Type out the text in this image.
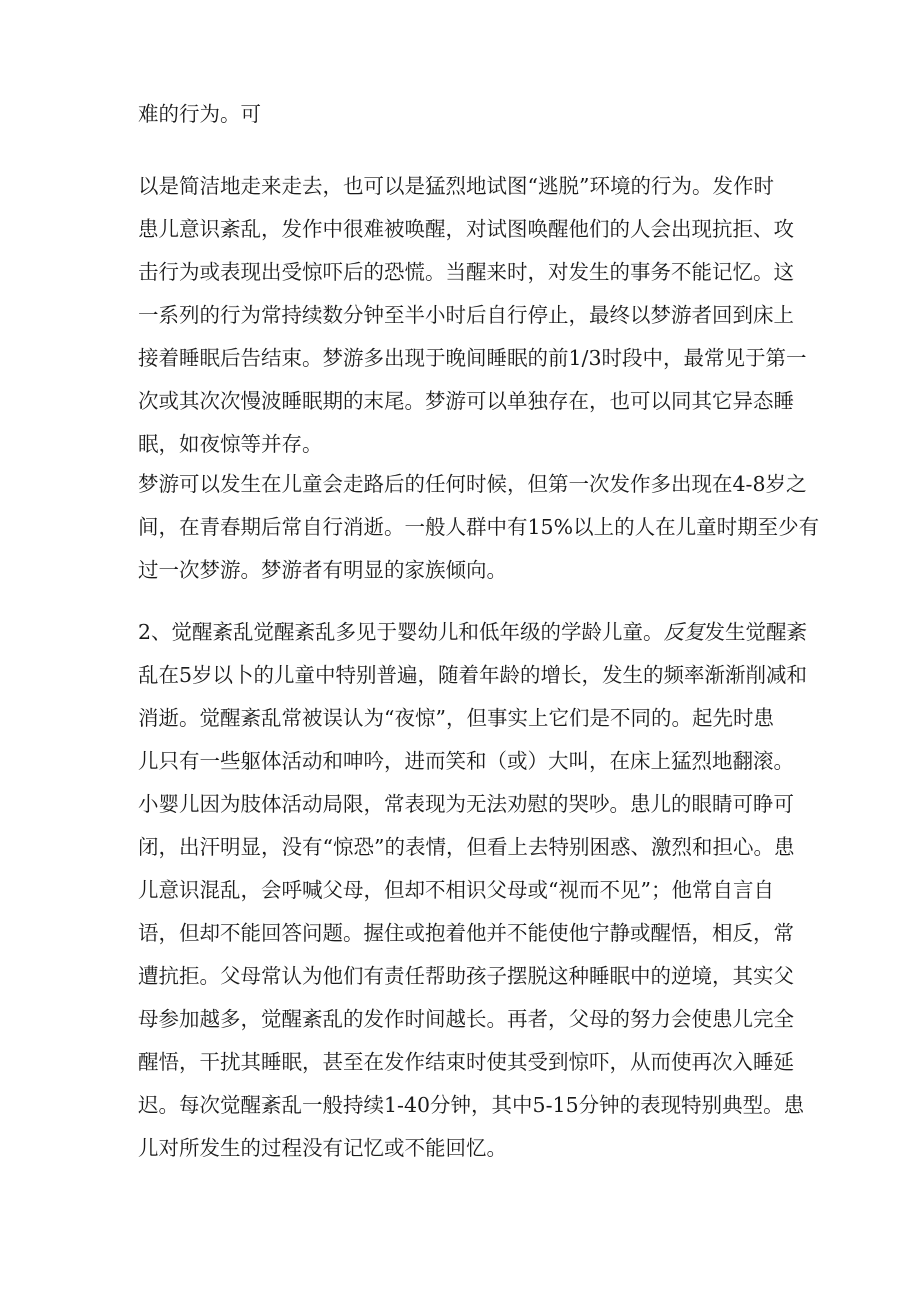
难的行为。可

以是简洁地走来走去，也可以是猛烈地试图“逃脱”环境的行为。发作时

患儿意识紊乱，发作中很难被唤醒，对试图唤醒他们的人会出现抗拒、攻

击行为或表现出受惊吓后的恐慌。当醒来时，对发生的事务不能记忆。这

一系列的行为常持续数分钟至半小时后自行停止，最终以梦游者回到床上

接着睡眠后告结束。梦游多出现于晚间睡眠的前1/3时段中，最常见于第一

次或其次次慢波睡眠期的末尾。梦游可以单独存在，也可以同其它异态睡

眠，如夜惊等并存。

梦游可以发生在儿童会走路后的任何时候，但第一次发作多出现在4-8岁之

间，在青春期后常自行消逝。一般人群中有15%以上的人在儿童时期至少有

过一次梦游。梦游者有明显的家族倾向。

2、觉醒紊乱觉醒紊乱多见于婴幼儿和低年级的学龄儿童。反复发生觉醒紊

乱在5岁以卜的儿童中特别普遍，随着年龄的增长，发生的频率渐渐削减和

消逝。觉醒紊乱常被误认为“夜惊”，但事实上它们是不同的。起先时患

儿只有一些躯体活动和呻吟，进而笑和（或）大叫，在床上猛烈地翻滚。

小婴儿因为肢体活动局限，常表现为无法劝慰的哭吵。患儿的眼睛可睁可

闭，出汗明显，没有“惊恐”的表情，但看上去特别困惑、激烈和担心。患

儿意识混乱，会呼喊父母，但却不相识父母或“视而不见”；他常自言自

语，但却不能回答问题。握住或抱着他并不能使他宁静或醒悟，相反，常

遭抗拒。父母常认为他们有责任帮助孩子摆脱这种睡眠中的逆境，其实父

母参加越多，觉醒紊乱的发作时间越长。再者，父母的努力会使患儿完全

醒悟，干扰其睡眠，甚至在发作结束时使其受到惊吓，从而使再次入睡延

迟。每次觉醒紊乱一般持续1-40分钟，其中5-15分钟的表现特别典型。患

儿对所发生的过程没有记忆或不能回忆。
